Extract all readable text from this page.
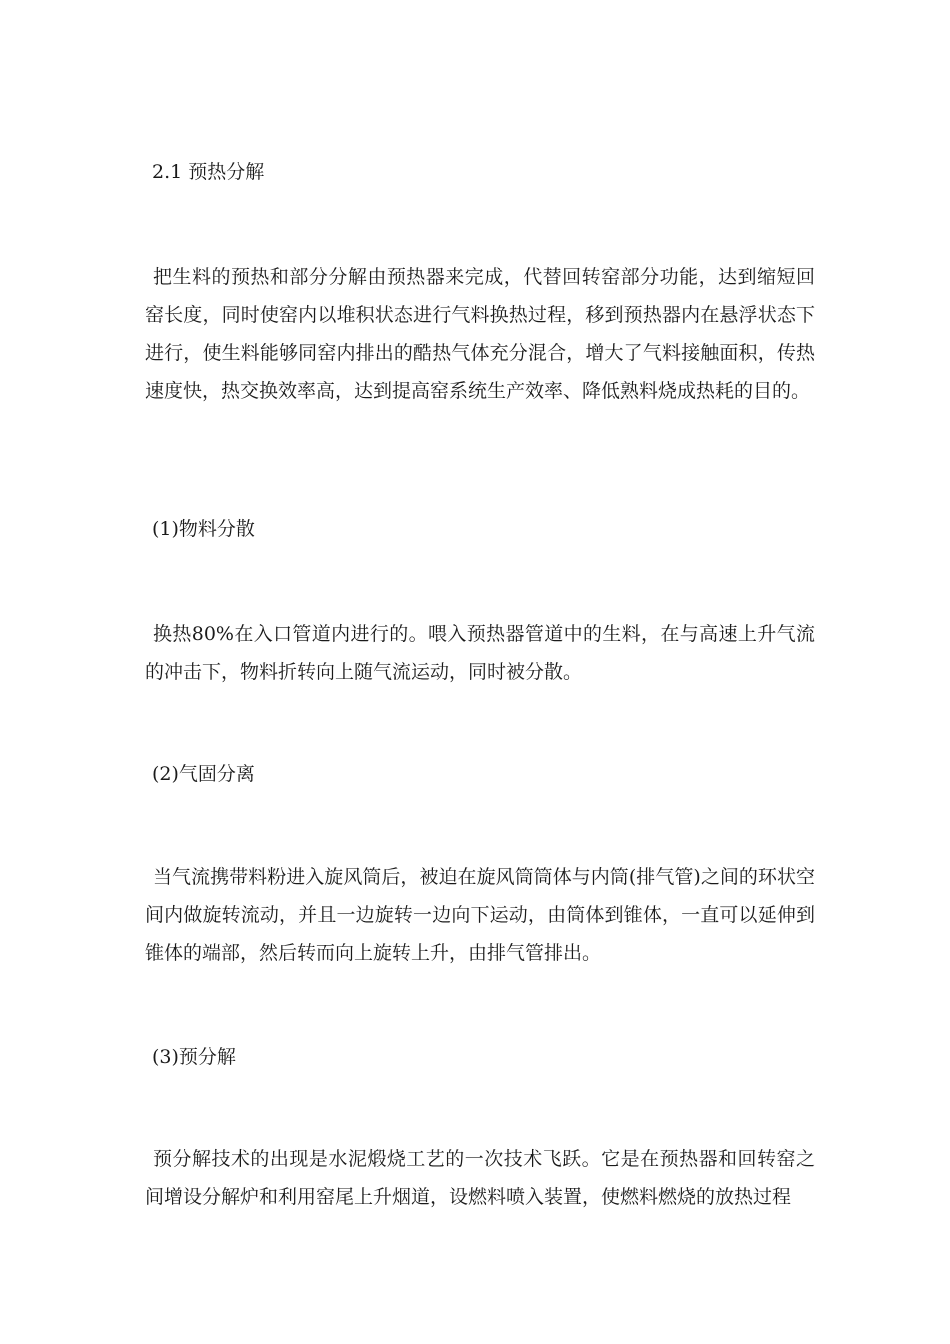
2.1 预热分解

把生料的预热和部分分解由预热器来完成，代替回转窑部分功能，达到缩短回窑长度，同时使窑内以堆积状态进行气料换热过程，移到预热器内在悬浮状态下进行，使生料能够同窑内排出的酷热气体充分混合，增大了气料接触面积，传热速度快，热交换效率高，达到提高窑系统生产效率、降低熟料烧成热耗的目的。

(1)物料分散

换热80%在入口管道内进行的。喂入预热器管道中的生料，在与高速上升气流的冲击下，物料折转向上随气流运动，同时被分散。

(2)气固分离

当气流携带料粉进入旋风筒后，被迫在旋风筒筒体与内筒(排气管)之间的环状空间内做旋转流动，并且一边旋转一边向下运动，由筒体到锥体，一直可以延伸到锥体的端部，然后转而向上旋转上升，由排气管排出。

(3)预分解

预分解技术的出现是水泥煅烧工艺的一次技术飞跃。它是在预热器和回转窑之间增设分解炉和利用窑尾上升烟道，设燃料喷入装置，使燃料燃烧的放热过程
